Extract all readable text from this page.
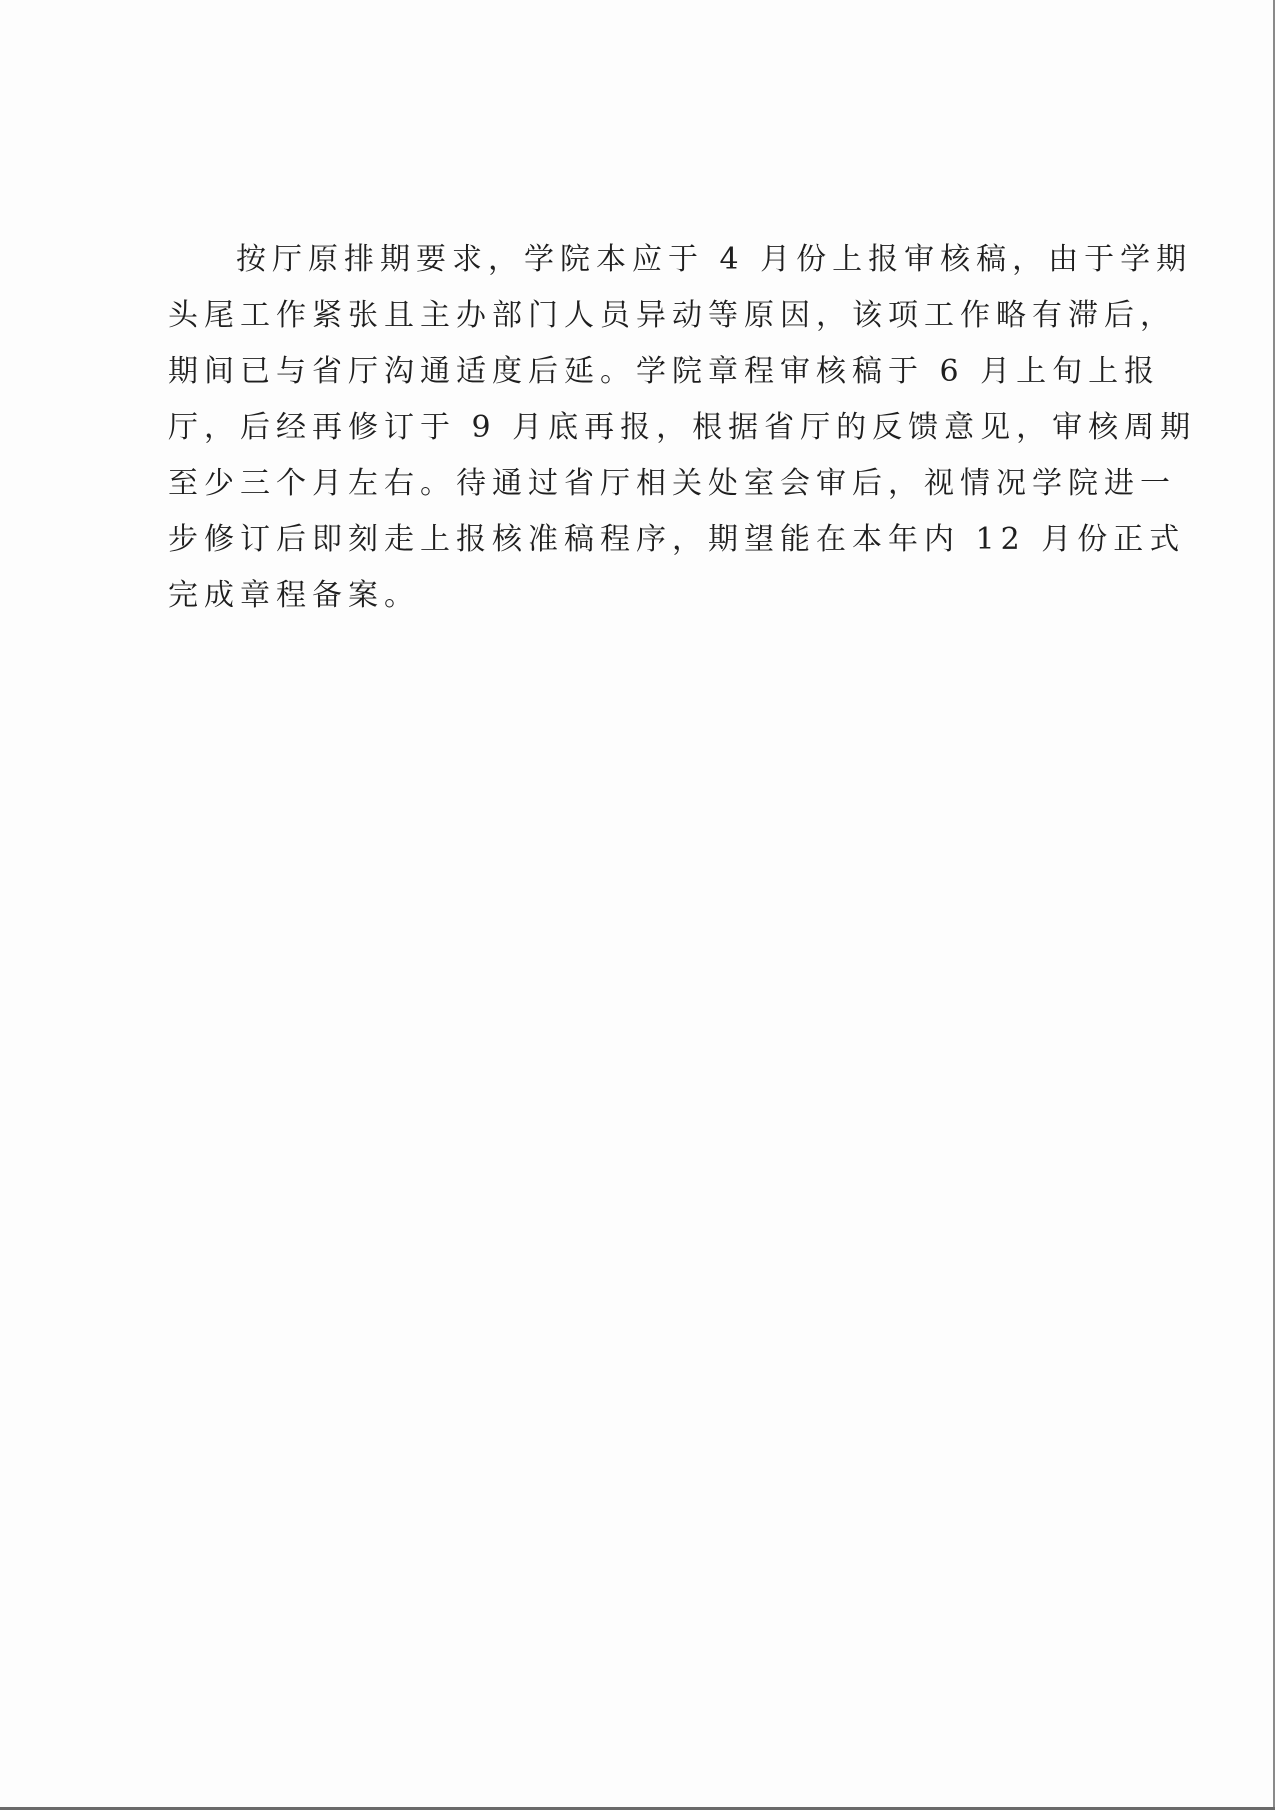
按厅原排期要求，学院本应于 4 月份上报审核稿，由于学期
头尾工作紧张且主办部门人员异动等原因，该项工作略有滞后，
期间已与省厅沟通适度后延。学院章程审核稿于 6 月上旬上报
厅，后经再修订于 9 月底再报，根据省厅的反馈意见，审核周期
至少三个月左右。待通过省厅相关处室会审后，视情况学院进一
步修订后即刻走上报核准稿程序，期望能在本年内 12 月份正式
完成章程备案。
